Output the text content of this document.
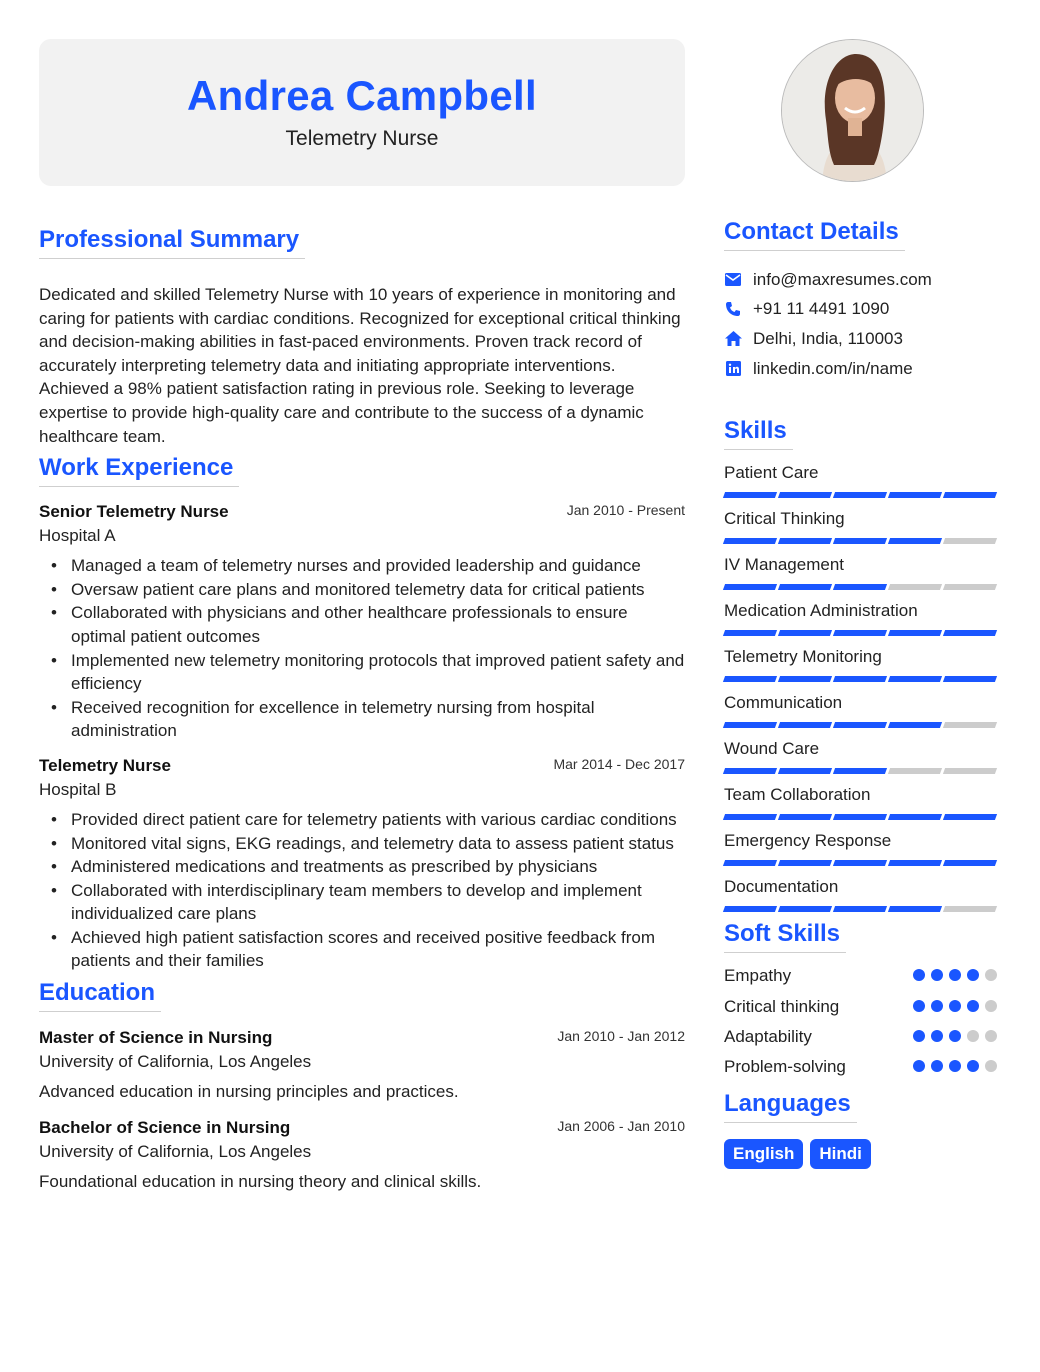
Andrea Campbell
Telemetry Nurse
Professional Summary

Dedicated and skilled Telemetry Nurse with 10 years of experience in monitoring and caring for patients with cardiac conditions. Recognized for exceptional critical thinking and decision-making abilities in fast-paced environments. Proven track record of accurately interpreting telemetry data and initiating appropriate interventions. Achieved a 98% patient satisfaction rating in previous role. Seeking to leverage expertise to provide high-quality care and contribute to the success of a dynamic healthcare team.

Work Experience
Senior Telemetry Nurse	Jan 2010 - Present
Hospital A
• Managed a team of telemetry nurses and provided leadership and guidance
• Oversaw patient care plans and monitored telemetry data for critical patients
• Collaborated with physicians and other healthcare professionals to ensure optimal patient outcomes
• Implemented new telemetry monitoring protocols that improved patient safety and efficiency
• Received recognition for excellence in telemetry nursing from hospital administration
Telemetry Nurse	Mar 2014 - Dec 2017
Hospital B
• Provided direct patient care for telemetry patients with various cardiac conditions
• Monitored vital signs, EKG readings, and telemetry data to assess patient status
• Administered medications and treatments as prescribed by physicians
• Collaborated with interdisciplinary team members to develop and implement individualized care plans
• Achieved high patient satisfaction scores and received positive feedback from patients and their families
Education
Master of Science in Nursing	Jan 2010 - Jan 2012
University of California, Los Angeles
Advanced education in nursing principles and practices.
Bachelor of Science in Nursing	Jan 2006 - Jan 2010
University of California, Los Angeles
Foundational education in nursing theory and clinical skills.
Contact Details
info@maxresumes.com
+91 11 4491 1090
Delhi, India, 110003
linkedin.com/in/name
Skills
Patient Care
Critical Thinking
IV Management
Medication Administration
Telemetry Monitoring
Communication
Wound Care
Team Collaboration
Emergency Response
Documentation
Soft Skills
Empathy
Critical thinking
Adaptability
Problem-solving
Languages
English	Hindi
